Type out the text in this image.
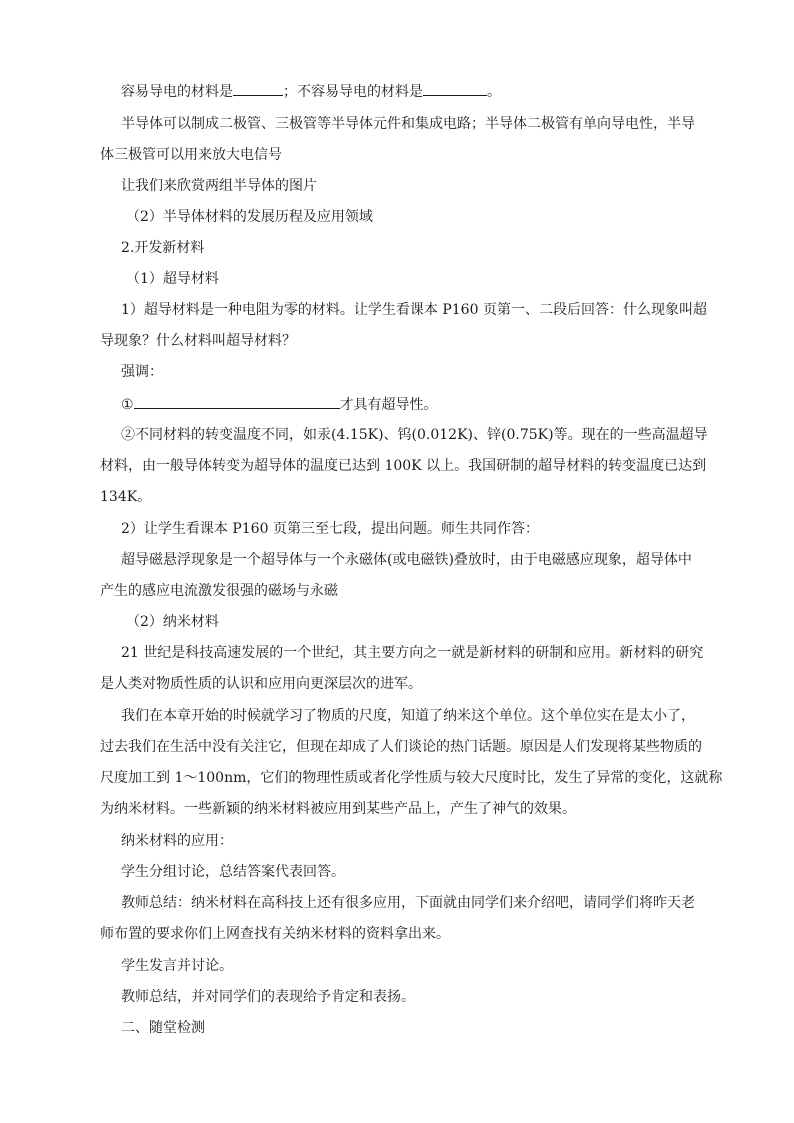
容易导电的材料是	；不容易导电的材料是	。
半导体可以制成二极管、三极管等半导体元件和集成电路；半导体二极管有单向导电性，半导
体三极管可以用来放大电信号
让我们来欣赏两组半导体的图片
（2）半导体材料的发展历程及应用领域
2.开发新材料
（1）超导材料
1）超导材料是一种电阻为零的材料。让学生看课本 P160 页第一、二段后回答：什么现象叫超
导现象？什么材料叫超导材料？
强调：
①	才具有超导性。
②不同材料的转变温度不同，如汞(4.15K)、钨(0.012K)、锌(0.75K)等。现在的一些高温超导
材料，由一般导体转变为超导体的温度已达到 100K 以上。我国研制的超导材料的转变温度已达到
134K。
2）让学生看课本 P160 页第三至七段，提出问题。师生共同作答：
超导磁悬浮现象是一个超导体与一个永磁体(或电磁铁)叠放时，由于电磁感应现象，超导体中
产生的感应电流激发很强的磁场与永磁
（2）纳米材料
21 世纪是科技高速发展的一个世纪，其主要方向之一就是新材料的研制和应用。新材料的研究
是人类对物质性质的认识和应用向更深层次的进军。
我们在本章开始的时候就学习了物质的尺度，知道了纳米这个单位。这个单位实在是太小了，
过去我们在生活中没有关注它，但现在却成了人们谈论的热门话题。原因是人们发现将某些物质的
尺度加工到 1～100nm，它们的物理性质或者化学性质与较大尺度时比，发生了异常的变化，这就称
为纳米材料。一些新颖的纳米材料被应用到某些产品上，产生了神气的效果。
纳米材料的应用：
学生分组讨论，总结答案代表回答。
教师总结：纳米材料在高科技上还有很多应用，下面就由同学们来介绍吧，请同学们将昨天老
师布置的要求你们上网查找有关纳米材料的资料拿出来。
学生发言并讨论。
教师总结，并对同学们的表现给予肯定和表扬。
二、随堂检测
